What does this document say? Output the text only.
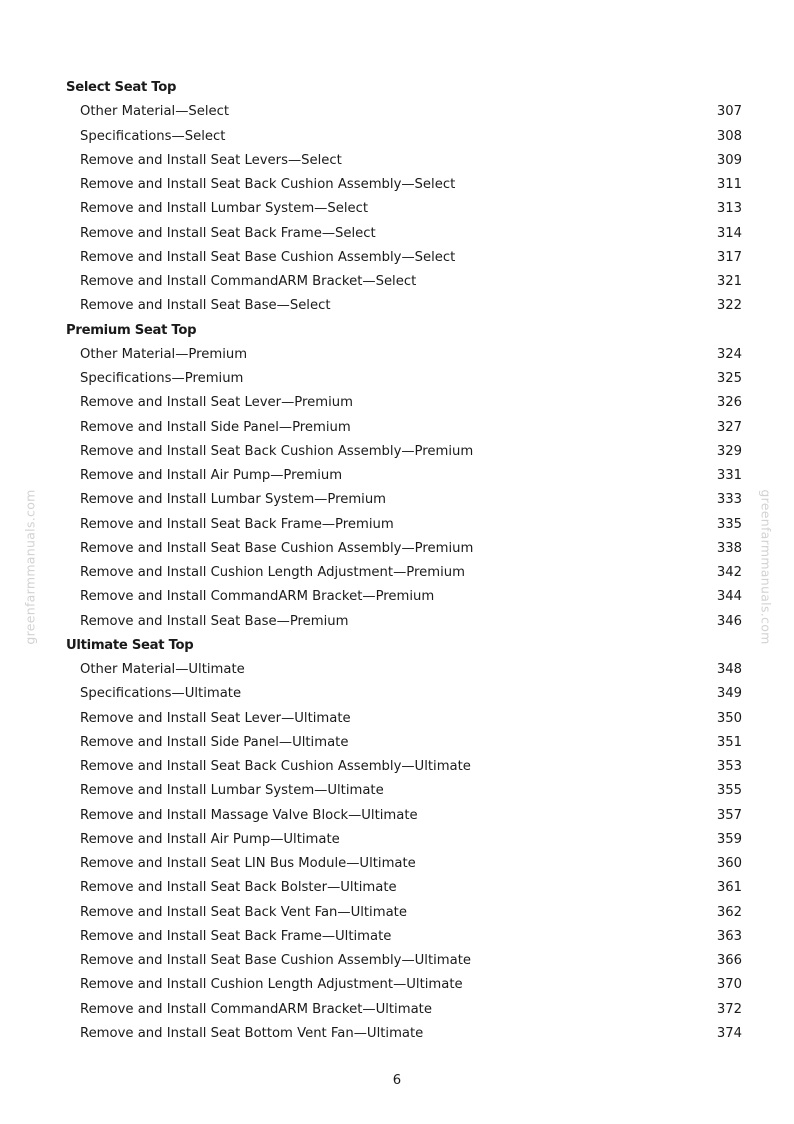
greenfarmmanuals.com	greenfarmmanuals.com
Select Seat Top
Other Material—Select	307
Specifications—Select	308
Remove and Install Seat Levers—Select	309
Remove and Install Seat Back Cushion Assembly—Select	311
Remove and Install Lumbar System—Select	313
Remove and Install Seat Back Frame—Select	314
Remove and Install Seat Base Cushion Assembly—Select	317
Remove and Install CommandARM Bracket—Select	321
Remove and Install Seat Base—Select	322
Premium Seat Top
Other Material—Premium	324
Specifications—Premium	325
Remove and Install Seat Lever—Premium	326
Remove and Install Side Panel—Premium	327
Remove and Install Seat Back Cushion Assembly—Premium	329
Remove and Install Air Pump—Premium	331
Remove and Install Lumbar System—Premium	333
Remove and Install Seat Back Frame—Premium	335
Remove and Install Seat Base Cushion Assembly—Premium	338
Remove and Install Cushion Length Adjustment—Premium	342
Remove and Install CommandARM Bracket—Premium	344
Remove and Install Seat Base—Premium	346
Ultimate Seat Top
Other Material—Ultimate	348
Specifications—Ultimate	349
Remove and Install Seat Lever—Ultimate	350
Remove and Install Side Panel—Ultimate	351
Remove and Install Seat Back Cushion Assembly—Ultimate	353
Remove and Install Lumbar System—Ultimate	355
Remove and Install Massage Valve Block—Ultimate	357
Remove and Install Air Pump—Ultimate	359
Remove and Install Seat LIN Bus Module—Ultimate	360
Remove and Install Seat Back Bolster—Ultimate	361
Remove and Install Seat Back Vent Fan—Ultimate	362
Remove and Install Seat Back Frame—Ultimate	363
Remove and Install Seat Base Cushion Assembly—Ultimate	366
Remove and Install Cushion Length Adjustment—Ultimate	370
Remove and Install CommandARM Bracket—Ultimate	372
Remove and Install Seat Bottom Vent Fan—Ultimate	374
6
